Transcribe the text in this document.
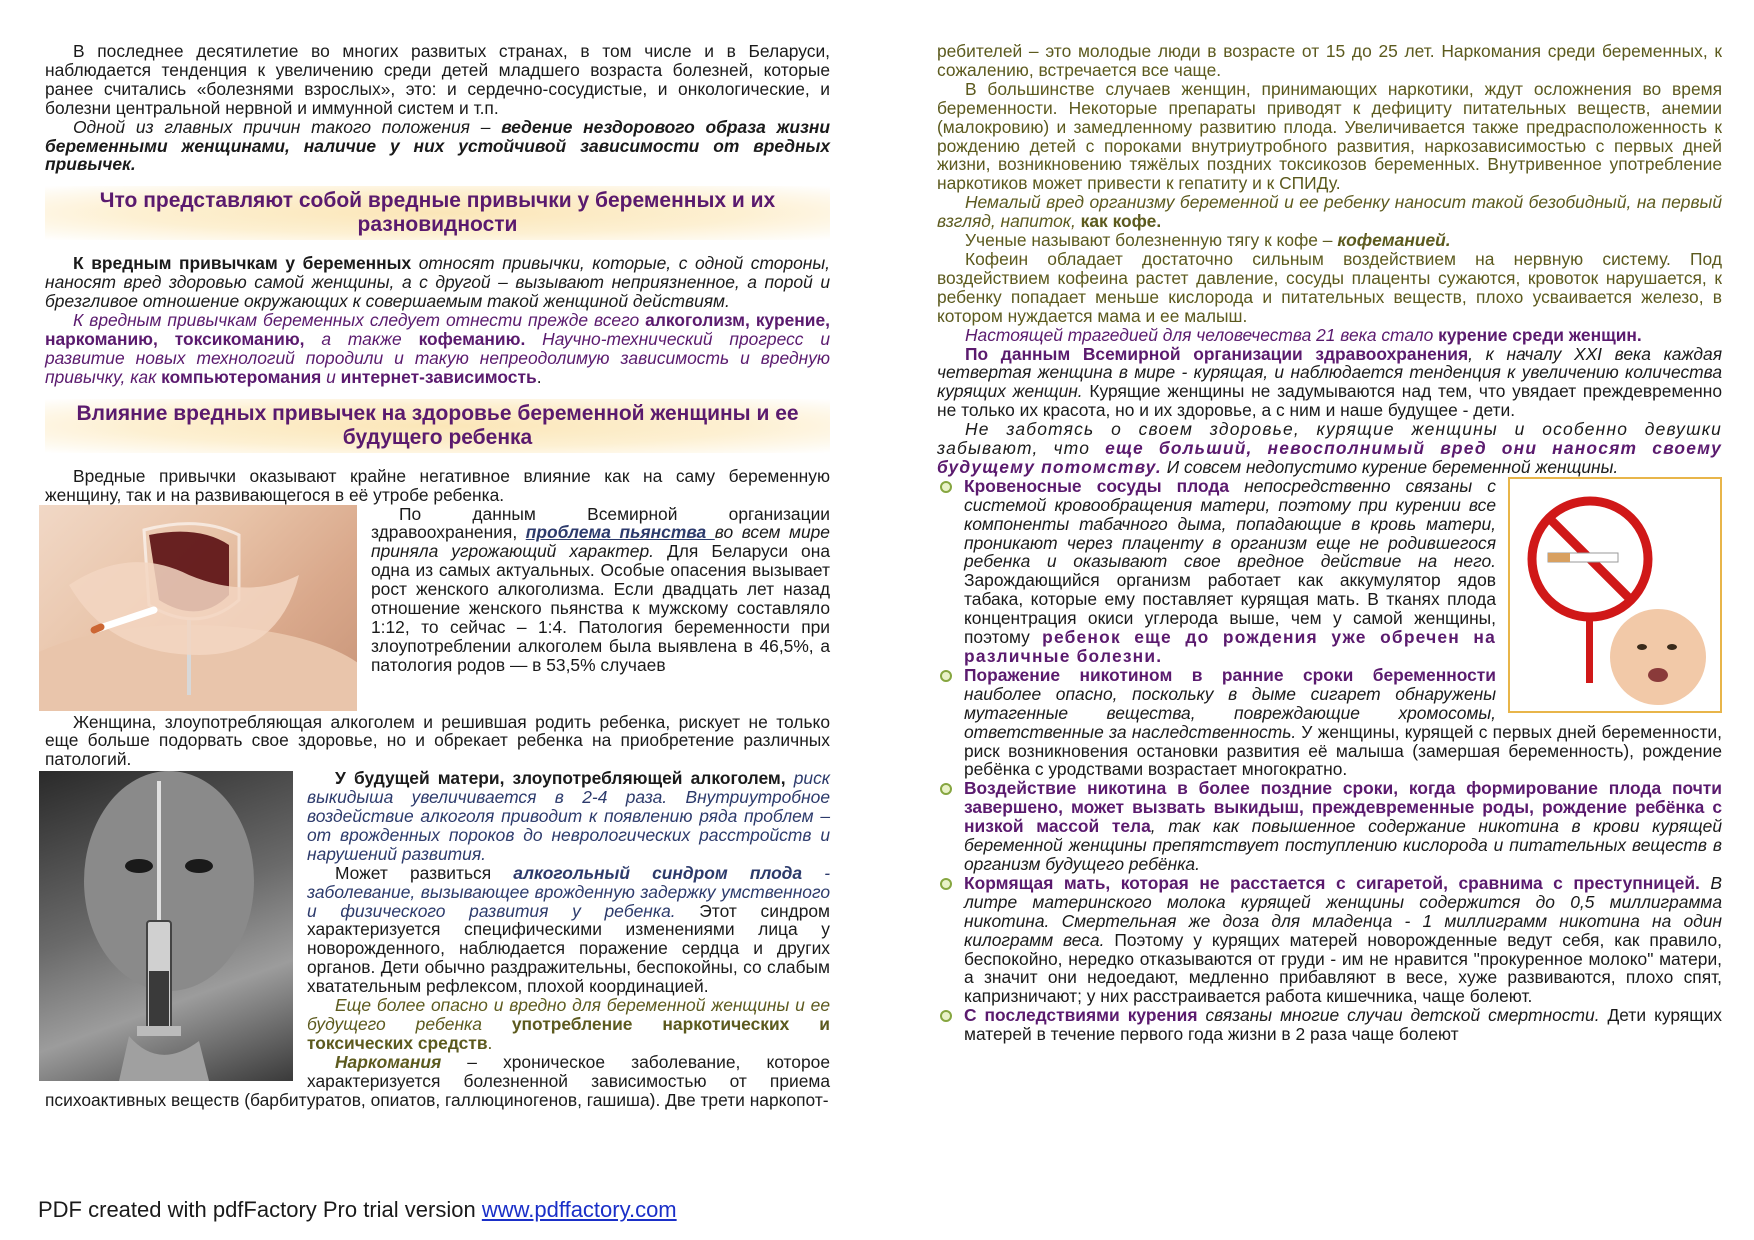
В последнее десятилетие во многих развитых странах, в том числе и в Беларуси, наблюдается тенденция к увеличению среди детей младшего возраста болезней, которые ранее считались «болезнями взрослых», это: и сердечно-сосудистые, и онкологические, и болезни центральной нервной и иммунной систем и т.п.

Одной из главных причин такого положения – ведение нездорового образа жизни беременными женщинами, наличие у них устойчивой зависимости от вредных привычек.

Что представляют собой вредные привычки у беременных и их разновидности

К вредным привычкам у беременных относят привычки, которые, с одной стороны, наносят вред здоровью самой женщины, а с другой – вызывают неприязненное, а порой и брезгливое отношение окружающих к совершаемым такой женщиной действиям.

К вредным привычкам беременных следует отнести прежде всего алкоголизм, курение, наркоманию, токсикоманию, а также кофеманию. Научно-технический прогресс и развитие новых технологий породили и такую непреодолимую зависимость и вредную привычку, как компьютеромания и интернет-зависимость.

Влияние вредных привычек на здоровье беременной женщины и ее будущего ребенка

Вредные привычки оказывают крайне негативное влияние как на саму беременную женщину, так и на развивающегося в её утробе ребенка.

По данным Всемирной организации здравоохранения, проблема пьянства во всем мире приняла угрожающий характер. Для Беларуси она одна из самых актуальных. Особые опасения вызывает рост женского алкоголизма. Если двадцать лет назад отношение женского пьянства к мужскому составляло 1:12, то сейчас – 1:4. Патология беременности при злоупотреблении алкоголем была выявлена в 46,5%, а патология родов — в 53,5% случаев

Женщина, злоупотребляющая алкоголем и решившая родить ребенка, рискует не только еще больше подорвать свое здоровье, но и обрекает ребенка на приобретение различных патологий.

У будущей матери, злоупотребляющей алкоголем, риск выкидыша увеличивается в 2-4 раза. Внутриутробное воздействие алкоголя приводит к появлению ряда проблем – от врожденных пороков до неврологических расстройств и нарушений развития.

Может развиться алкогольный синдром плода - заболевание, вызывающее врожденную задержку умственного и физического развития у ребенка. Этот синдром характеризуется специфическими изменениями лица у новорожденного, наблюдается поражение сердца и других органов. Дети обычно раздражительны, беспокойны, со слабым хватательным рефлексом, плохой координацией.

Еще более опасно и вредно для беременной женщины и ее будущего ребенка употребление наркотических и токсических средств.

Наркомания – хроническое заболевание, которое характеризуется болезненной зависимостью от приема психоактивных веществ (барбитуратов, опиатов, галлюциногенов, гашиша). Две трети наркопот-

ребителей – это молодые люди в возрасте от 15 до 25 лет. Наркомания среди беременных, к сожалению, встречается все чаще.

В большинстве случаев женщин, принимающих наркотики, ждут осложнения во время беременности. Некоторые препараты приводят к дефициту питательных веществ, анемии (малокровию) и замедленному развитию плода. Увеличивается также предрасположенность к рождению детей с пороками внутриутробного развития, наркозависимостью с первых дней жизни, возникновению тяжёлых поздних токсикозов беременных. Внутривенное употребление наркотиков может привести к гепатиту и к СПИДу.

Немалый вред организму беременной и ее ребенку наносит такой безобидный, на первый взгляд, напиток, как кофе.

Ученые называют болезненную тягу к кофе – кофеманией.

Кофеин обладает достаточно сильным воздействием на нервную систему. Под воздействием кофеина растет давление, сосуды плаценты сужаются, кровоток нарушается, к ребенку попадает меньше кислорода и питательных веществ, плохо усваивается железо, в котором нуждается мама и ее малыш.

Настоящей трагедией для человечества 21 века стало курение среди женщин.

По данным Всемирной организации здравоохранения, к началу XXI века каждая четвертая женщина в мире - курящая, и наблюдается тенденция к увеличению количества курящих женщин. Курящие женщины не задумываются над тем, что увядает преждевременно не только их красота, но и их здоровье, а с ним и наше будущее - дети.

Не заботясь о своем здоровье, курящие женщины и особенно девушки забывают, что еще больший, невосполнимый вред они наносят своему будущему потомству. И совсем недопустимо курение беременной женщины.

Кровеносные сосуды плода непосредственно связаны с системой кровообращения матери, поэтому при курении все компоненты табачного дыма, попадающие в кровь матери, проникают через плаценту в организм еще не родившегося ребенка и оказывают свое вредное действие на него. Зарождающийся организм работает как аккумулятор ядов табака, которые ему поставляет курящая мать. В тканях плода концентрация окиси углерода выше, чем у самой женщины, поэтому ребенок еще до рождения уже обречен на различные болезни.
Поражение никотином в ранние сроки беременности наиболее опасно, поскольку в дыме сигарет обнаружены мутагенные вещества, повреждающие хромосомы, ответственные за наследственность. У женщины, курящей с первых дней беременности, риск возникновения остановки развития её малыша (замершая беременность), рождение ребёнка с уродствами возрастает многократно.
Воздействие никотина в более поздние сроки, когда формирование плода почти завершено, может вызвать выкидыш, преждевременные роды, рождение ребёнка с низкой массой тела, так как повышенное содержание никотина в крови курящей беременной женщины препятствует поступлению кислорода и питательных веществ в организм будущего ребёнка.
Кормящая мать, которая не расстается с сигаретой, сравнима с преступницей. В литре материнского молока курящей женщины содержится до 0,5 миллиграмма никотина. Смертельная же доза для младенца - 1 миллиграмм никотина на один килограмм веса. Поэтому у курящих матерей новорожденные ведут себя, как правило, беспокойно, нередко отказываются от груди - им не нравится "прокуренное молоко" матери, а значит они недоедают, медленно прибавляют в весе, хуже развиваются, плохо спят, капризничают; у них расстраивается работа кишечника, чаще болеют.
С последствиями курения связаны многие случаи детской смертности. Дети курящих матерей в течение первого года жизни в 2 раза чаще болеют
PDF created with pdfFactory Pro trial version www.pdffactory.com
